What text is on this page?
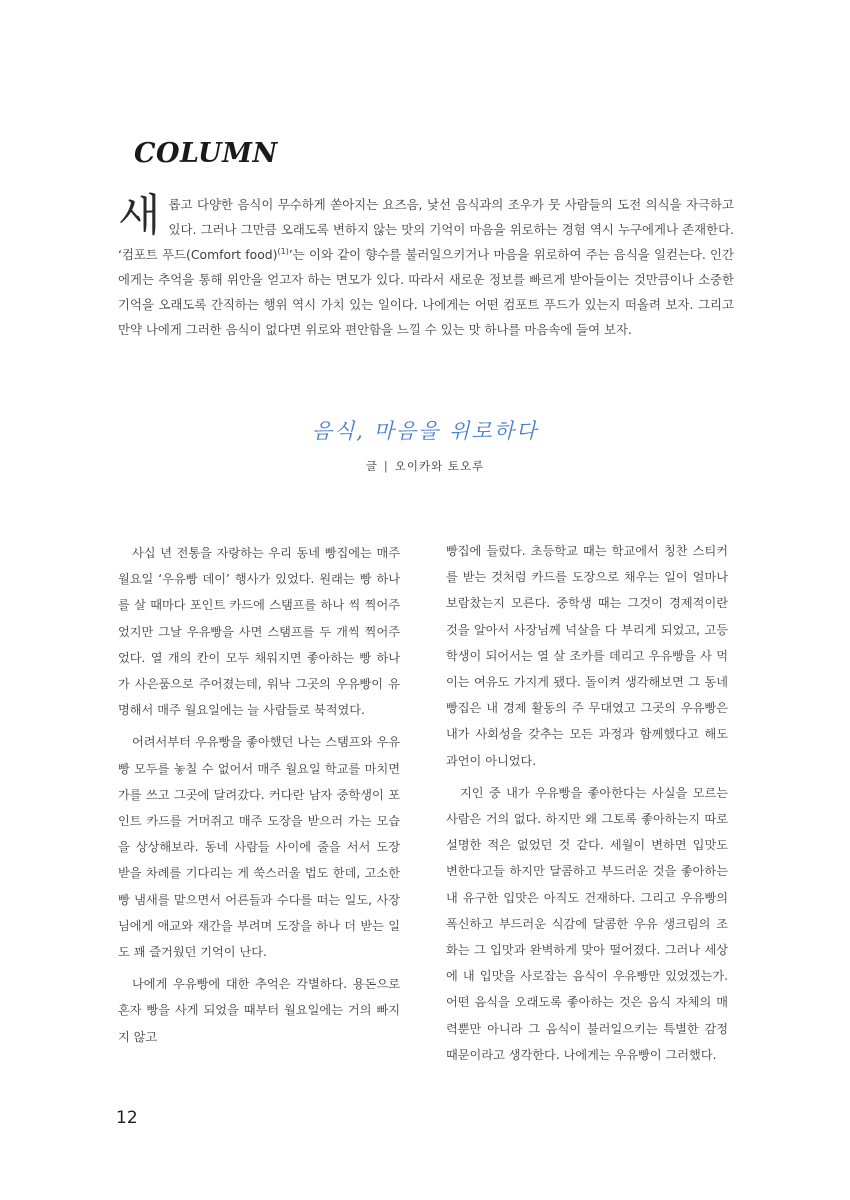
COLUMN
새 롭고 다양한 음식이 무수하게 쏟아지는 요즈음, 낯선 음식과의 조우가 뭇 사람들의 도전 의식을 자극하고 있다. 그러나 그만큼 오래도록 변하지 않는 맛의 기억이 마음을 위로하는 경험 역시 누구에게나 존재한다. ‘컴포트 푸드(Comfort food)$^{(1)}$’는 이와 같이 향수를 불러일으키거나 마음을 위로하여 주는 음식을 일컫는다. 인간에게는 추억을 통해 위안을 얻고자 하는 면모가 있다. 따라서 새로운 정보를 빠르게 받아들이는 것만큼이나 소중한 기억을 오래도록 간직하는 행위 역시 가치 있는 일이다. 나에게는 어떤 컴포트 푸드가 있는지 떠올려 보자. 그리고 만약 나에게 그러한 음식이 없다면 위로와 편안함을 느낄 수 있는 맛 하나를 마음속에 들여 보자.

음식, 마음을 위로하다
글 | 오이카와 토오루

사십 년 전통을 자랑하는 우리 동네 빵집에는 매주 월요일 ‘우유빵 데이’ 행사가 있었다. 원래는 빵 하나를 살 때마다 포인트 카드에 스탬프를 하나 씩 찍어주었지만 그날 우유빵을 사면 스탬프를 두 개씩 찍어주었다. 열 개의 칸이 모두 채워지면 좋아하는 빵 하나가 사은품으로 주어졌는데, 워낙 그곳의 우유빵이 유명해서 매주 월요일에는 늘 사람들로 북적였다.

어려서부터 우유빵을 좋아했던 나는 스탬프와 우유빵 모두를 놓칠 수 없어서 매주 월요일 학교를 마치면 가를 쓰고 그곳에 달려갔다. 커다란 남자 중학생이 포인트 카드를 거머쥐고 매주 도장을 받으러 가는 모습을 상상해보라. 동네 사람들 사이에 줄을 서서 도장 받을 차례를 기다리는 게 쑥스러울 법도 한데, 고소한 빵 냄새를 맡으면서 어른들과 수다를 떠는 일도, 사장님에게 애교와 재간을 부려며 도장을 하나 더 받는 일도 꽤 즐거웠던 기억이 난다.

나에게 우유빵에 대한 추억은 각별하다. 용돈으로 혼자 빵을 사게 되었을 때부터 월요일에는 거의 빠지지 않고

빵집에 들렀다. 초등학교 때는 학교에서 칭찬 스티커를 받는 것처럼 카드를 도장으로 채우는 일이 얼마나 보람찼는지 모른다. 중학생 때는 그것이 경제적이란 것을 알아서 사장님께 넉살을 다 부리게 되었고, 고등학생이 되어서는 열 살 조카를 데리고 우유빵을 사 먹이는 여유도 가지게 됐다. 돌이켜 생각해보면 그 동네 빵집은 내 경제 활동의 주 무대였고 그곳의 우유빵은 내가 사회성을 갖추는 모든 과정과 함께했다고 해도 과언이 아니었다.

지인 중 내가 우유빵을 좋아한다는 사실을 모르는 사람은 거의 없다. 하지만 왜 그토록 좋아하는지 따로 설명한 적은 없었던 것 같다. 세월이 변하면 입맛도 변한다고들 하지만 달콤하고 부드러운 것을 좋아하는 내 유구한 입맛은 아직도 건재하다. 그리고 우유빵의 폭신하고 부드러운 식감에 달콤한 우유 생크림의 조화는 그 입맛과 완벽하게 맞아 떨어졌다. 그러나 세상에 내 입맛을 사로잡는 음식이 우유빵만 있었겠는가. 어떤 음식을 오래도록 좋아하는 것은 음식 자체의 매력뿐만 아니라 그 음식이 불러일으키는 특별한 감정 때문이라고 생각한다. 나에게는 우유빵이 그러했다.

12
